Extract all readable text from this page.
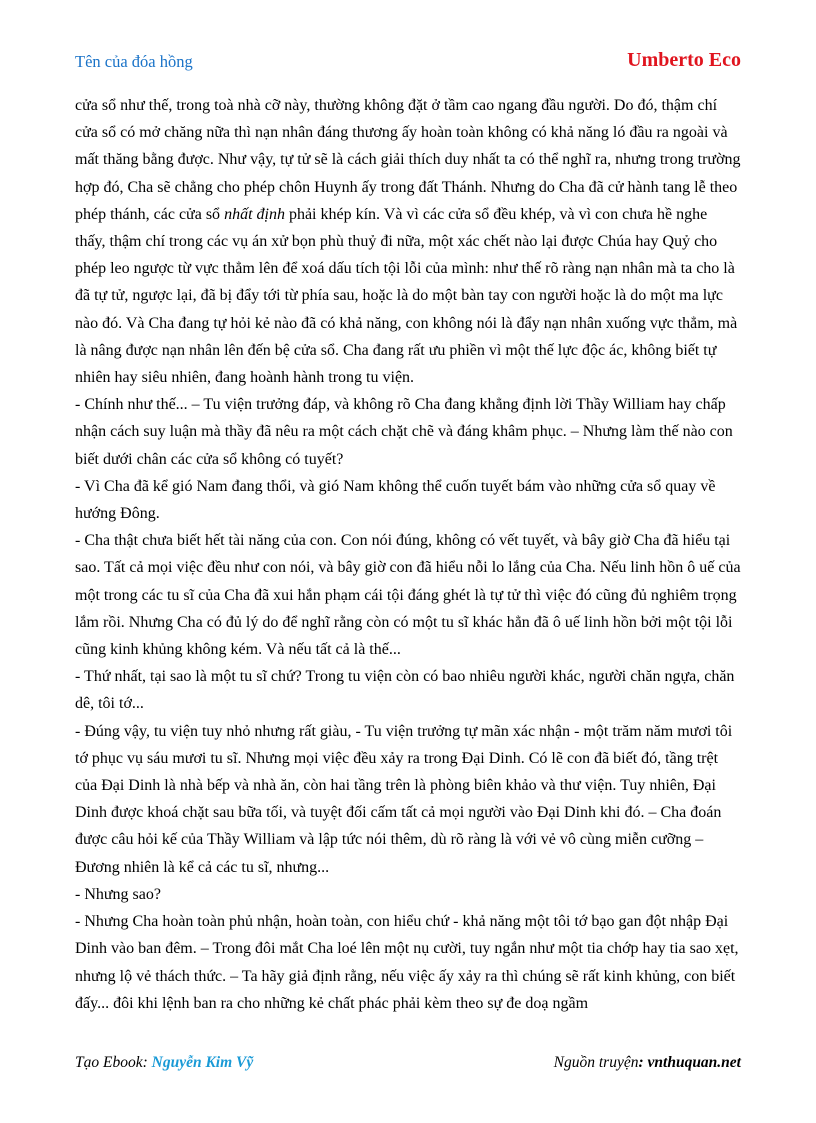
Tên của đóa hồng	Umberto Eco

cửa sổ như thế, trong toà nhà cỡ này, thường không đặt ở tầm cao ngang đầu người. Do đó, thậm chí cửa sổ có mở chăng nữa thì nạn nhân đáng thương ấy hoàn toàn không có khả năng ló đầu ra ngoài và mất thăng bằng được. Như vậy, tự tử sẽ là cách giải thích duy nhất ta có thể nghĩ ra, nhưng trong trường hợp đó, Cha sẽ chẳng cho phép chôn Huynh ấy trong đất Thánh. Nhưng do Cha đã cử hành tang lễ theo phép thánh, các cửa sổ nhất định phải khép kín. Và vì các cửa sổ đều khép, và vì con chưa hề nghe thấy, thậm chí trong các vụ án xử bọn phù thuỷ đi nữa, một xác chết nào lại được Chúa hay Quỷ cho phép leo ngược từ vực thẳm lên để xoá dấu tích tội lỗi của mình: như thế rõ ràng nạn nhân mà ta cho là đã tự tử, ngược lại, đã bị đẩy tới từ phía sau, hoặc là do một bàn tay con người hoặc là do một ma lực nào đó. Và Cha đang tự hỏi kẻ nào đã có khả năng, con không nói là đẩy nạn nhân xuống vực thẳm, mà là nâng được nạn nhân lên đến bệ cửa sổ. Cha đang rất ưu phiền vì một thế lực độc ác, không biết tự nhiên hay siêu nhiên, đang hoành hành trong tu viện.

- Chính như thế... – Tu viện trưởng đáp, và không rõ Cha đang khẳng định lời Thầy William hay chấp nhận cách suy luận mà thầy đã nêu ra một cách chặt chẽ và đáng khâm phục. – Nhưng làm thế nào con biết dưới chân các cửa sổ không có tuyết?

- Vì Cha đã kể gió Nam đang thổi, và gió Nam không thể cuốn tuyết bám vào những cửa sổ quay về hướng Đông.

- Cha thật chưa biết hết tài năng của con. Con nói đúng, không có vết tuyết, và bây giờ Cha đã hiểu tại sao. Tất cả mọi việc đều như con nói, và bây giờ con đã hiểu nỗi lo lắng của Cha. Nếu linh hồn ô uế của một trong các tu sĩ của Cha đã xui hắn phạm cái tội đáng ghét là tự tử thì việc đó cũng đủ nghiêm trọng lắm rồi. Nhưng Cha có đủ lý do để nghĩ rằng còn có một tu sĩ khác hẳn đã ô uế linh hồn bởi một tội lỗi cũng kinh khủng không kém. Và nếu tất cả là thế...

- Thứ nhất, tại sao là một tu sĩ chứ? Trong tu viện còn có bao nhiêu người khác, người chăn ngựa, chăn dê, tôi tớ...

- Đúng vậy, tu viện tuy nhỏ nhưng rất giàu, - Tu viện trưởng tự mãn xác nhận - một trăm năm mươi tôi tớ phục vụ sáu mươi tu sĩ. Nhưng mọi việc đều xảy ra trong Đại Dinh. Có lẽ con đã biết đó, tầng trệt của Đại Dinh là nhà bếp và nhà ăn, còn hai tầng trên là phòng biên khảo và thư viện. Tuy nhiên, Đại Dinh được khoá chặt sau bữa tối, và tuyệt đối cấm tất cả mọi người vào Đại Dinh khi đó. – Cha đoán được câu hỏi kế của Thầy William và lập tức nói thêm, dù rõ ràng là với vẻ vô cùng miễn cưỡng – Đương nhiên là kể cả các tu sĩ, nhưng...

- Nhưng sao?

- Nhưng Cha hoàn toàn phủ nhận, hoàn toàn, con hiểu chứ - khả năng một tôi tớ bạo gan đột nhập Đại Dinh vào ban đêm. – Trong đôi mắt Cha loé lên một nụ cười, tuy ngắn như một tia chớp hay tia sao xẹt, nhưng lộ vẻ thách thức. – Ta hãy giả định rằng, nếu việc ấy xảy ra thì chúng sẽ rất kinh khủng, con biết đấy... đôi khi lệnh ban ra cho những kẻ chất phác phải kèm theo sự đe doạ ngầm

Tạo Ebook: Nguyễn Kim Vỹ	Nguồn truyện: vnthuquan.net
